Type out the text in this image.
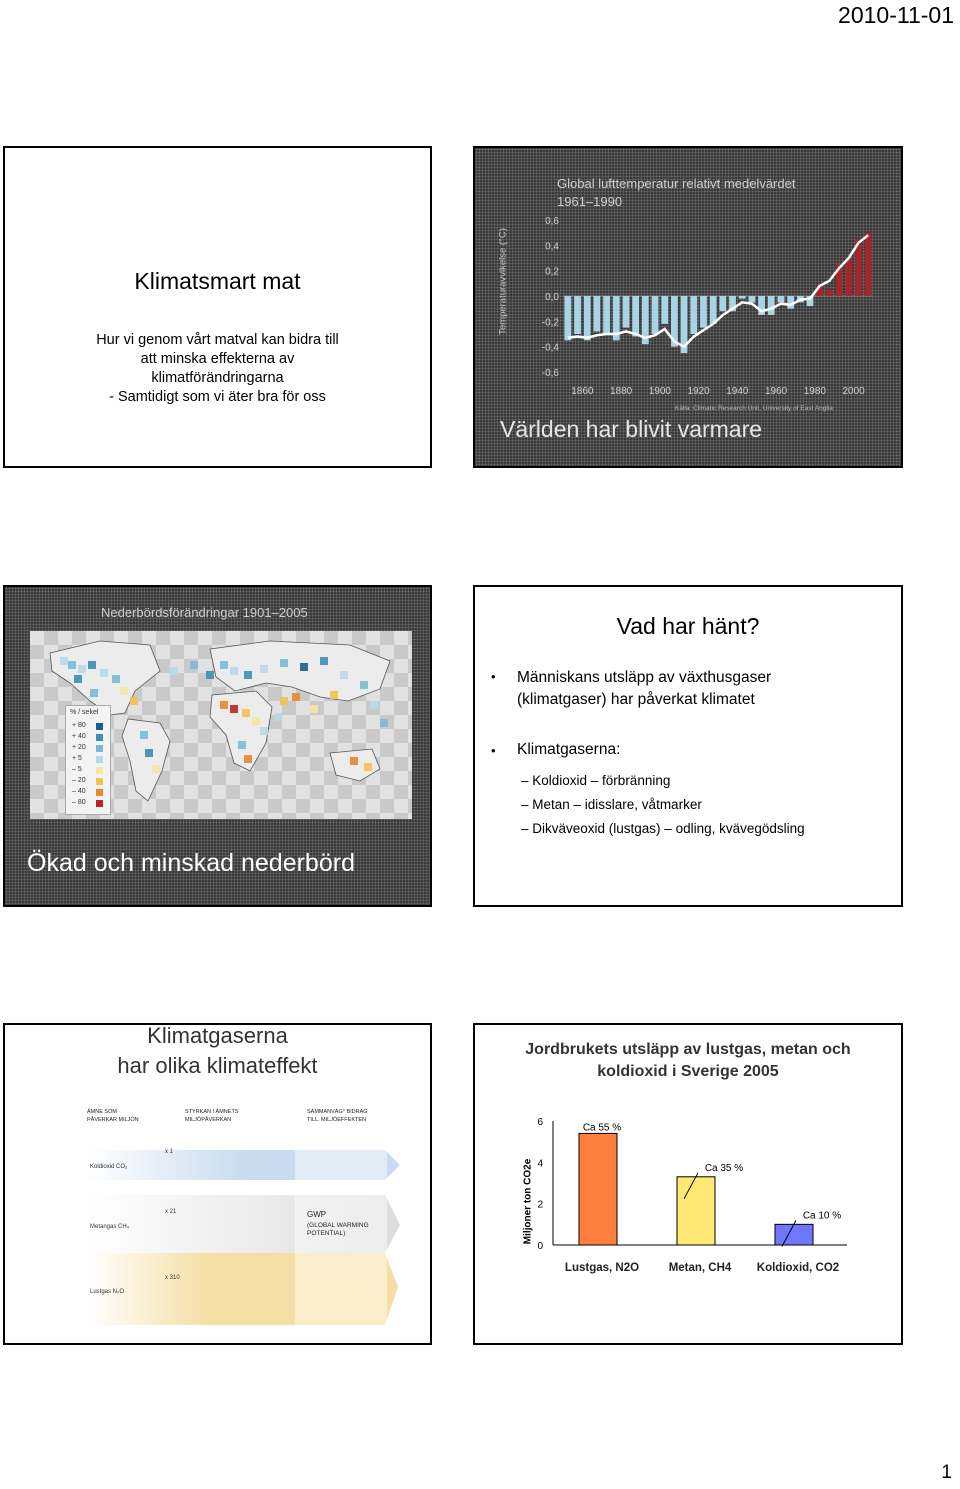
2010-11-01
1
Klimatsmart mat
Hur vi genom vårt matval kan bidra till
att minska effekterna av
klimatförändringarna
- Samtidigt som vi äter bra för oss
Global lufttemperatur relativt medelvärdet
1961–1990
Temperaturavvikelse (°C)
0,6
0,4
0,2
0,0
-0,2
-0,4
-0,6
1860 1880 1900 1920 1940 1960 1980 2000
Källa: Climatic Research Unit, University of East Anglia
Världen har blivit varmare
Nederbördsförändringar 1901–2005
% / sekel
+ 80
+ 40
+ 20
+ 5
– 5
– 20
– 40
– 80
Ökad och minskad nederbörd
Vad har hänt?
• Människans utsläpp av växthusgaser
(klimatgaser) har påverkat klimatet
• Klimatgaserna:
– Koldioxid – förbränning
– Metan – idisslare, våtmarker
– Dikväveoxid (lustgas) – odling, kvävegödsling
Klimatgaserna
har olika klimateffekt
ÄMNE SOM
PÅVERKAR MILJÖN
STYRKAN I ÄMNETS
MILJÖPÅVERKAN
SAMMANVÄG° BIDRAG
TILL. MILJÖEFFEKTEN
Koldioxid CO₂
Metangas CH₄
Lustgas N₂O
x 1
x 21
x 310
GWP
(GLOBAL WARMING
POTENTIAL)
Jordbrukets utsläpp av lustgas, metan och
koldioxid i Sverige 2005
Miljoner ton CO2e
0
2
4
6
Lustgas, N2O
Ca 55 %
Metan, CH4
Ca 35 %
Koldioxid, CO2
Ca 10 %
